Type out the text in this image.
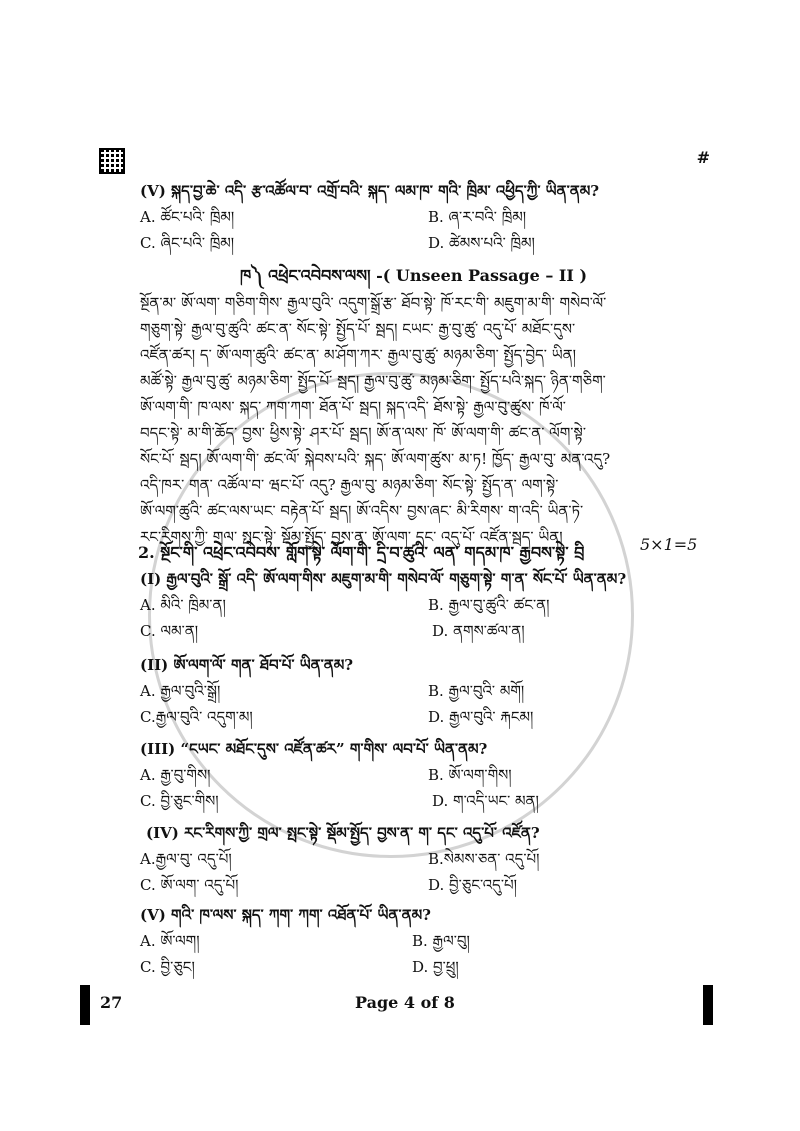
#
(V) སྐད་བྱ་ཆེ་ འདི་ རྩ་འཚོལ་བ་ འགྲོ་བའི་ སྐད་ ལམ་ཁ་ གའི་ ཁྲིམ་ འཕྱིད་ཀྱི་ ཡིན་ནམ?
A. ཚོང་པའི་ ཁྲིམ།	B. ཞ་ར་བའི་ ཁྲིམ།
C. ཞིང་པའི་ ཁྲིམ།	D. ཚེམས་པའི་ ཁྲིམ།
ཁ༽ འཕྲེང་འབེབས་ལས། -( Unseen Passage – II )

སྔོན་མ་ ཨོ་ལག་ གཅིག་གིས་ རྒྱལ་བུའི་ འདུག་སྒྲོ་རྩ་ ཐོབ་སྟེ་ ཁོ་རང་གི་ མཇུག་མ་གི་ གསེབ་ལོ་

གཅུག་སྟེ་ རྒྱལ་བུ་ཚུའི་ ཚང་ན་ སོང་སྟེ་ སྤྱོད་པོ་ སྦད། ངཡང་ རྒྱ་བུ་ཚུ་ འདུ་པོ་ མཐོང་དུས་

འཛོན་ཚར། ད་ ཨོ་ལག་ཚུའི་ ཚང་ན་ མ་ཤོག་ཀར་ རྒྱལ་བུ་ཚུ་ མཉམ་ཅིག་ སྤྱོད་བྱེད་ ཡིན།

མཚོ་སྟེ་ རྒྱལ་བུ་ཚུ་ མཉམ་ཅིག་ སྤྱོད་པོ་ སྦད། རྒྱལ་བུ་ཚུ་ མཉམ་ཅིག་ སྤྱོད་པའི་སྐད་ ཉིན་གཅིག་

ཨོ་ལག་གི་ ཁ་ལས་ སྐད་ ཀག་ཀག་ ཐོན་པོ་ སྦད། སྐད་འདི་ ཐོས་སྟེ་ རྒྱལ་བུ་ཚུས་ ཁོ་ལོ་

བདང་སྟེ་ མ་གི་ཆོད་ བྱས་ ཕྱིས་སྟེ་ ཤར་པོ་ སྦད། ཨོ་ན་ལས་ ཁོ་ ཨོ་ལག་གི་ ཚང་ན་ ལོག་སྟེ་

སོང་པོ་ སྦད། ཨོ་ལག་གི་ ཚང་ལོ་ སྐེབས་པའི་ སྐད་ ཨོ་ལག་ཚུས་ མ་ཏ! ཁྱོད་ རྒྱལ་བུ་ མན་འདུ?

འདི་ཁར་ གན་ འཚོལ་བ་ ཝང་པོ་ འདུ? རྒྱལ་བུ་ མཉམ་ཅིག་ སོང་སྟེ་ སྤྱོད་ན་ ལག་སྟེ་

ཨོ་ལག་ཚུའི་ ཚང་ལས་ཡང་ བརྟེན་པོ་ སྦད། ཨོ་འདིས་ བྱས་ཞང་ མི་རིགས་ ག་འདི་ ཡིན་ཏེ་

རང་རིགས་ཀྱི་ གྲལ་ སྤང་སྟེ་ སྡོམ་སྤྱོད་ བྱས་ན་ ཨོ་ལག་ དང་ འདུ་པོ་ འཛོན་སྦད་ ཡིན།

2. སྔོང་གི་ འཕྲེང་འབེབས་ གློག་སྟེ་ ལོག་གི་ དྲི་བ་ཚུའི་ ལན་ གདམ་ཁ་ རྒྱབས་སྟེ་ བྲི	5×1=5
(I) རྒྱལ་བུའི་ སྒྲོ་ འདི་ ཨོ་ལག་གིས་ མཇུག་མ་གི་ གསེབ་ལོ་ གཅུག་སྟེ་ ག་ན་ སོང་པོ་ ཡིན་ནམ?
A. མིའི་ ཁྲིམ་ན།	B. རྒྱལ་བུ་ཚུའི་ ཚང་ན།
C. ལམ་ན།	D. ནགས་ཚལ་ན།
(II) ཨོ་ལག་ལོ་ གན་ ཐོབ་པོ་ ཡིན་ནམ?
A. རྒྱལ་བུའི་སྒྲོ།	B. རྒྱལ་བུའི་ མགོ།
C.རྒྱལ་བུའི་ འདུག་མ།	D. རྒྱལ་བུའི་ རྐངམ།
(III) “ངཡང་ མཐོང་དུས་ འཛོན་ཚར” ག་གིས་ ལབ་པོ་ ཡིན་ནམ?
A. རྒྱ་བུ་གིས།	B. ཨོ་ལག་གིས།
C. བྱི་ཅུང་གིས།	D. ག་འདི་ཡང་ མན།
(IV) རང་རིགས་ཀྱི་ གྲལ་ སྤང་སྟེ་ སྡོམ་སྤྱོད་ བྱས་ན་ ག་ དང་ འདུ་པོ་ འཛོན?
A.རྒྱལ་བུ་ འདུ་པོ།	B.སེམས་ཅན་ འདུ་པོ།
C. ཨོ་ལག་ འདུ་པོ།	D. བྱི་ཅུང་འདུ་པོ།
(V) གའི་ ཁ་ལས་ སྐད་ ཀག་ ཀག་ འཐོན་པོ་ ཡིན་ནམ?
A. ཨོ་ལག།	B. རྒྱལ་བུ།
C. བྱི་ཅུང།	D. བྱ་ཕྲུ།
27	Page 4 of 8
